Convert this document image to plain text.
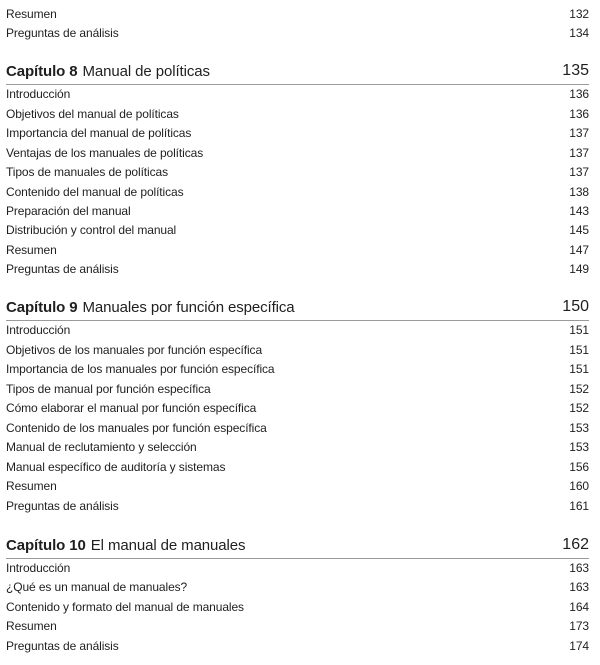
Resumen	132
Preguntas de análisis	134
Capítulo 8 Manual de políticas	135
Introducción	136
Objetivos del manual de políticas	136
Importancia del manual de políticas	137
Ventajas de los manuales de políticas	137
Tipos de manuales de políticas	137
Contenido del manual de políticas	138
Preparación del manual	143
Distribución y control del manual	145
Resumen	147
Preguntas de análisis	149
Capítulo 9 Manuales por función específica	150
Introducción	151
Objetivos de los manuales por función específica	151
Importancia de los manuales por función específica	151
Tipos de manual por función específica	152
Cómo elaborar el manual por función específica	152
Contenido de los manuales por función específica	153
Manual de reclutamiento y selección	153
Manual específico de auditoría y sistemas	156
Resumen	160
Preguntas de análisis	161
Capítulo 10 El manual de manuales	162
Introducción	163
¿Qué es un manual de manuales?	163
Contenido y formato del manual de manuales	164
Resumen	173
Preguntas de análisis	174
